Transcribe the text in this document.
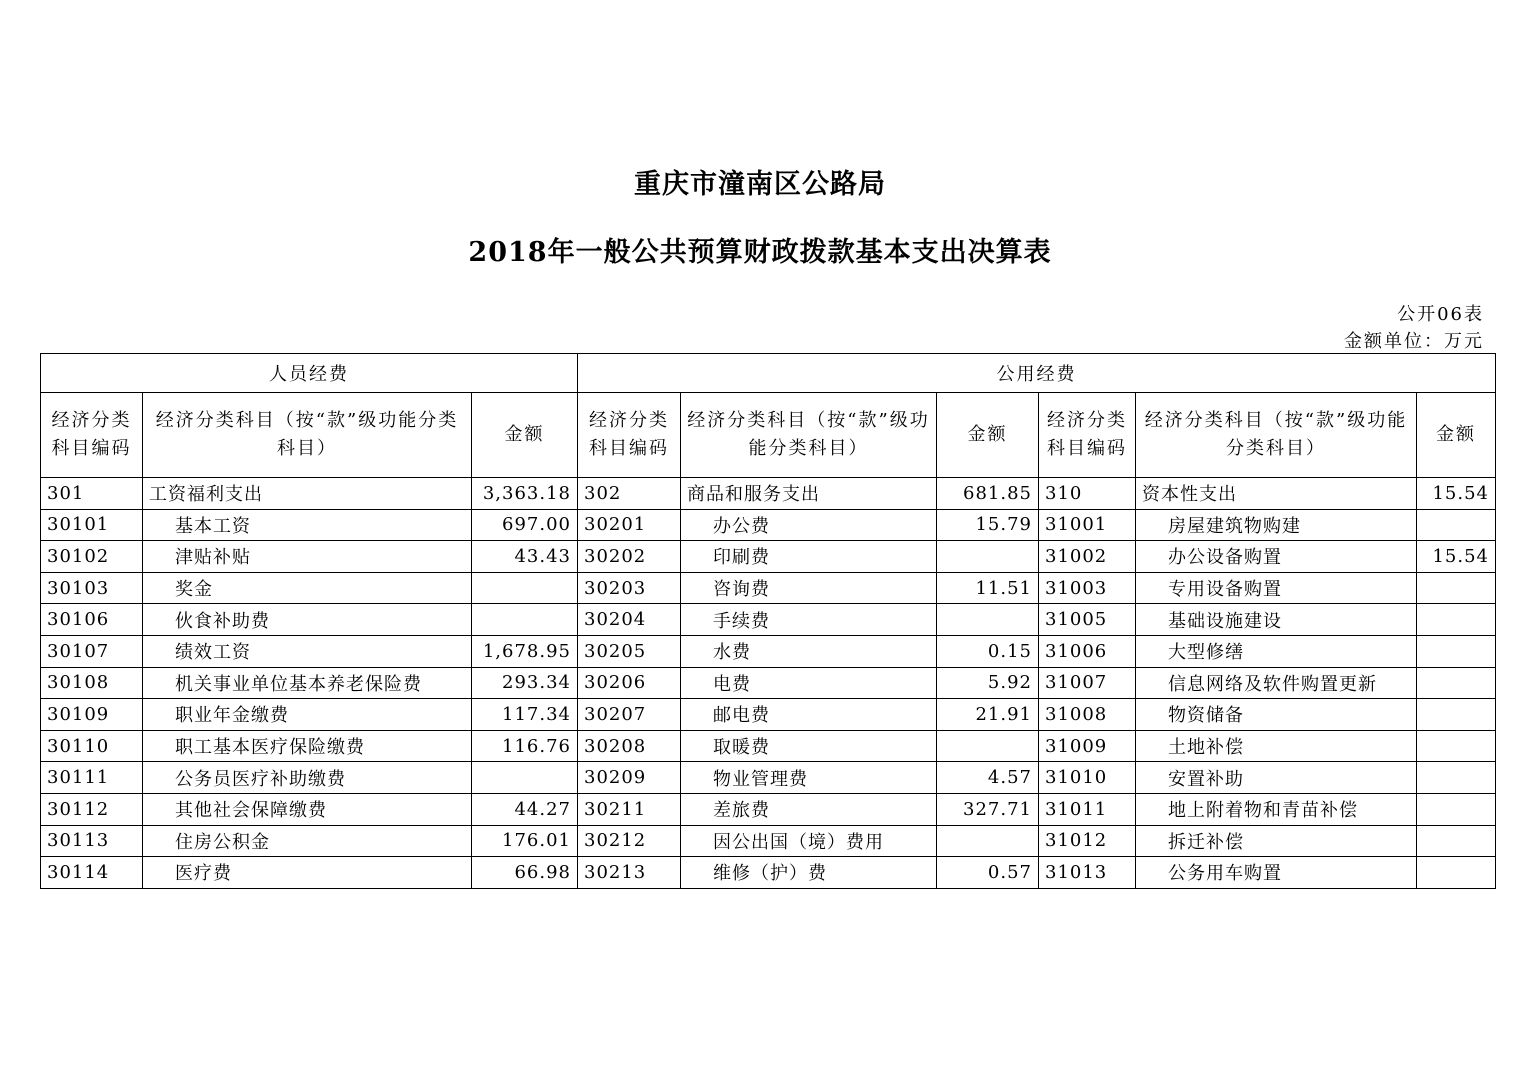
重庆市潼南区公路局
2018年一般公共预算财政拨款基本支出决算表
公开06表
金额单位：万元
人员经费			公用经费					
经济分类科目编码	经济分类科目（按“款”级功能分类科目）	金额	经济分类科目编码	经济分类科目（按“款”级功能分类科目）	金额	经济分类科目编码	经济分类科目（按“款”级功能分类科目）	金额
301	工资福利支出	3,363.18	302	商品和服务支出	681.85	310	资本性支出	15.54
30101	基本工资	697.00	30201	办公费	15.79	31001	房屋建筑物购建	
30102	津贴补贴	43.43	30202	印刷费		31002	办公设备购置	15.54
30103	奖金		30203	咨询费	11.51	31003	专用设备购置	
30106	伙食补助费		30204	手续费		31005	基础设施建设	
30107	绩效工资	1,678.95	30205	水费	0.15	31006	大型修缮	
30108	机关事业单位基本养老保险费	293.34	30206	电费	5.92	31007	信息网络及软件购置更新	
30109	职业年金缴费	117.34	30207	邮电费	21.91	31008	物资储备	
30110	职工基本医疗保险缴费	116.76	30208	取暖费		31009	土地补偿	
30111	公务员医疗补助缴费		30209	物业管理费	4.57	31010	安置补助	
30112	其他社会保障缴费	44.27	30211	差旅费	327.71	31011	地上附着物和青苗补偿	
30113	住房公积金	176.01	30212	因公出国（境）费用		31012	拆迁补偿	
30114	医疗费	66.98	30213	维修（护）费	0.57	31013	公务用车购置	
